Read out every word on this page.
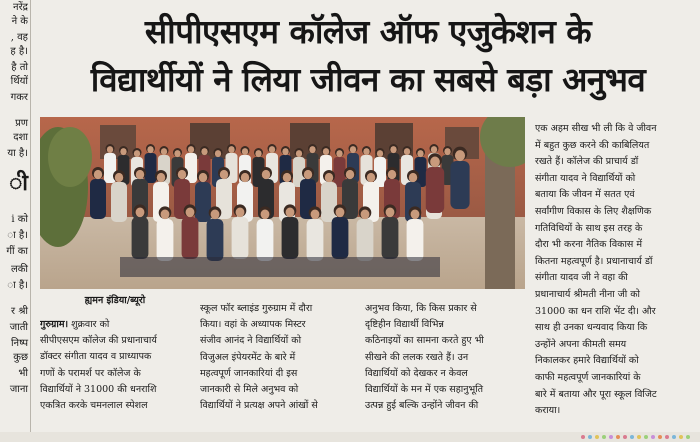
नरेंद्र
ने के
, वह
ह है।
है तो
र्थियों
गकर
प्रण
दशा
या है।
ी
i को
ा है।
गीं का
लकी
ा है।
र श्री
जाती
निष्प
कुछ
भी
जाना
सीपीएसएम कॉलेज ऑफ एजुकेशन के
विद्यार्थीयों ने लिया जीवन का सबसे बड़ा अनुभव
ह्यमन इंडिया/ब्यूरो
गुरुग्राम। शुक्रवार को
सीपीएसएम कॉलेज की प्रधानाचार्य
डॉक्टर संगीता यादव व प्राध्यापक
गणों के परामर्श पर कॉलेज के
विद्यार्थियों ने 31000 की धनराशि
एकत्रित करके चमनलाल स्पेशल
स्कूल फॉर ब्लाइंड गुरुग्राम में दौरा
किया। वहां के अध्यापक मिस्टर
संजीव आनंद ने विद्यार्थियों को
विजुअल इंपेयरमेंट के बारे में
महत्वपूर्ण जानकारियां दी इस
जानकारी से मिले अनुभव को
विद्यार्थियों ने प्रत्यक्ष अपने आंखों से
अनुभव किया, कि किस प्रकार से
दृष्टिहीन विद्यार्थी विभिन्न
कठिनाइयों का सामना करते हुए भी
सीखने की ललक रखते हैं। उन
विद्यार्थियों को देखकर न केवल
विद्यार्थियों के मन में एक सहानुभूति
उत्पन्न हुई बल्कि उन्होंने जीवन की
एक अहम सीख भी ली कि वे जीवन
में बहुत कुछ करने की काबिलियत
रखते हैं। कॉलेज की प्राचार्य डॉ
संगीता यादव ने विद्यार्थियों को
बताया कि जीवन में सतत एवं
सर्वांगीण विकास के लिए शैक्षणिक
गतिविधियों के साथ इस तरह के
दौरा भी करना नैतिक विकास में
कितना महत्वपूर्ण है। प्रधानाचार्य डॉ
संगीता यादव जी ने वहा की
प्रधानाचार्य श्रीमती नीना जी को
31000 का धन राशि भेंट दी। और
साथ ही उनका धन्यवाद किया कि
उन्होंने अपना कीमती समय
निकालकर हमारे विद्यार्थियों को
काफी महत्वपूर्ण जानकारियां के
बारे में बताया और पूरा स्कूल विजिट
कराया।
